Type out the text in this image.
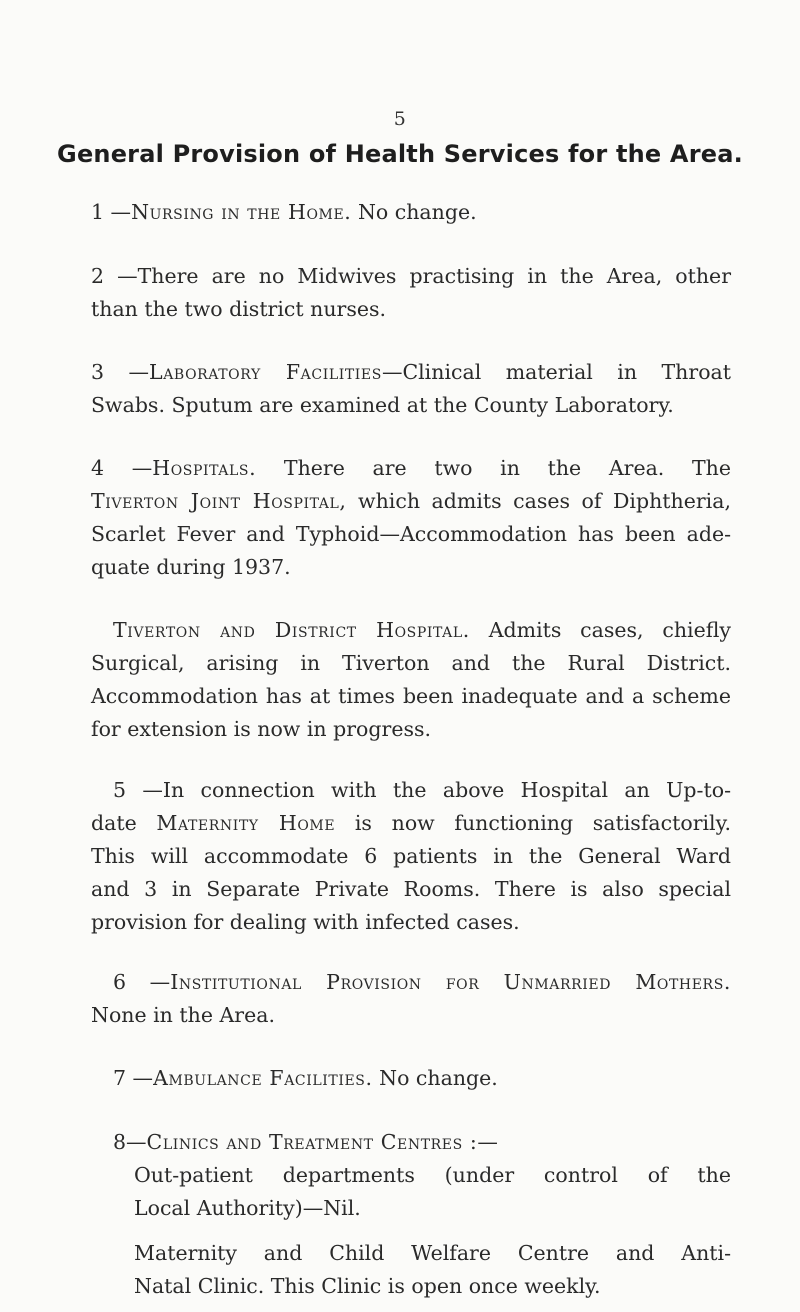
5
General Provision of Health Services for the Area.
1 —Nursing in the Home. No change.
2 —There are no Midwives practising in the Area, other
than the two district nurses.
3 —Laboratory Facilities—Clinical material in Throat
Swabs. Sputum are examined at the County Laboratory.
4 —Hospitals. There are two in the Area. The
Tiverton Joint Hospital, which admits cases of Diphtheria,
Scarlet Fever and Typhoid—Accommodation has been ade-
quate during 1937.
Tiverton and District Hospital. Admits cases, chiefly
Surgical, arising in Tiverton and the Rural District.
Accommodation has at times been inadequate and a scheme
for extension is now in progress.
5 —In connection with the above Hospital an Up-to-
date Maternity Home is now functioning satisfactorily.
This will accommodate 6 patients in the General Ward
and 3 in Separate Private Rooms. There is also special
provision for dealing with infected cases.
6 —Institutional Provision for Unmarried Mothers.
None in the Area.
7 —Ambulance Facilities. No change.
8—Clinics and Treatment Centres :—
Out-patient departments (under control of the
Local Authority)—Nil.
Maternity and Child Welfare Centre and Anti-
Natal Clinic. This Clinic is open once weekly.
